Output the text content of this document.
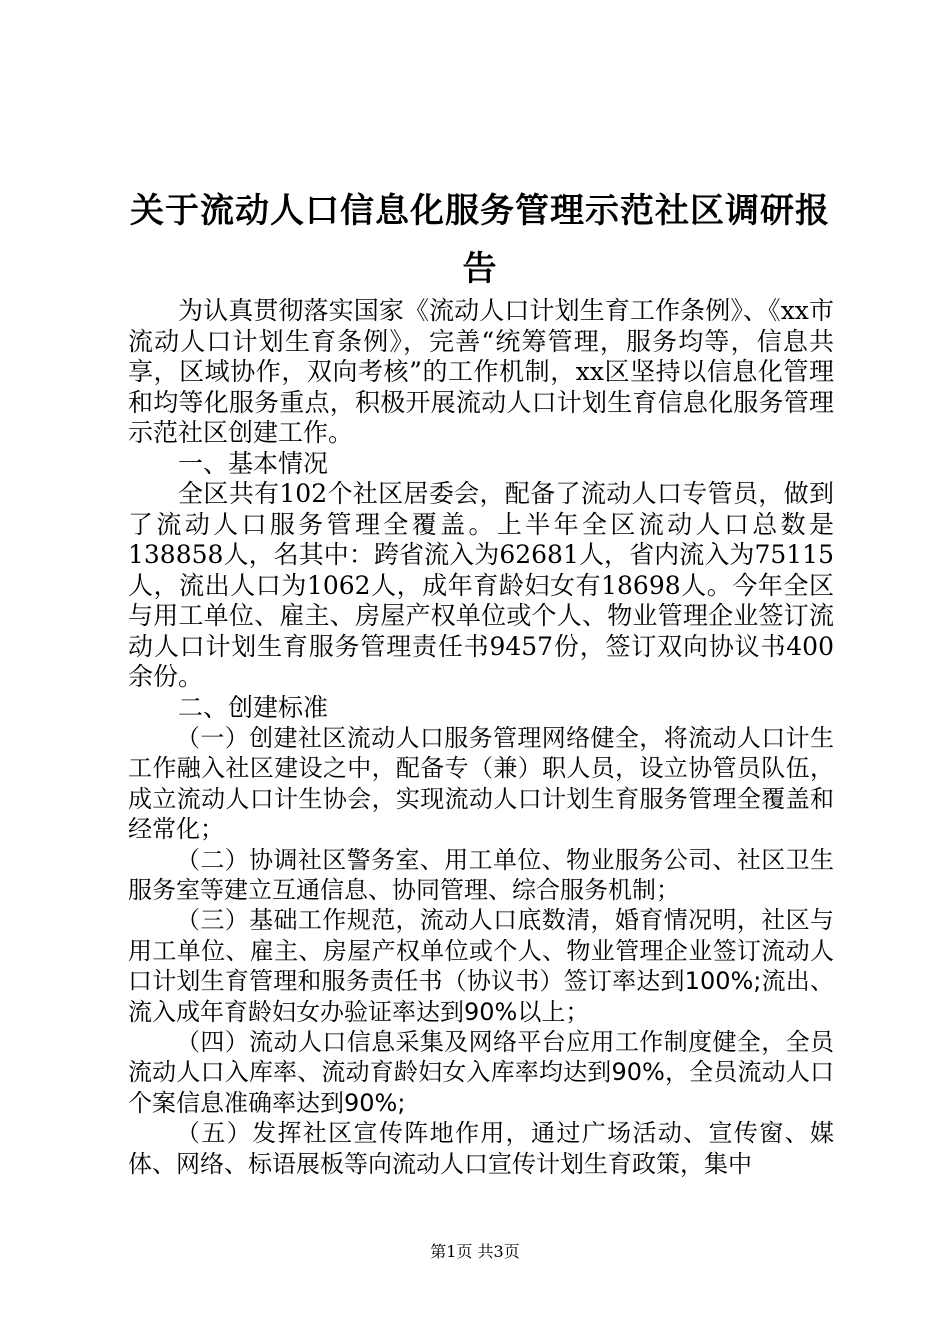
关于流动人口信息化服务管理示范社区调研报告

为认真贯彻落实国家《流动人口计划生育工作条例》、《xx市流动人口计划生育条例》，完善“统筹管理，服务均等，信息共享，区域协作，双向考核”的工作机制，xx区坚持以信息化管理和均等化服务重点，积极开展流动人口计划生育信息化服务管理示范社区创建工作。

一、基本情况

全区共有102个社区居委会，配备了流动人口专管员，做到了流动人口服务管理全覆盖。上半年全区流动人口总数是138858人，名其中：跨省流入为62681人，省内流入为75115人，流出人口为1062人，成年育龄妇女有18698人。今年全区与用工单位、雇主、房屋产权单位或个人、物业管理企业签订流动人口计划生育服务管理责任书9457份，签订双向协议书400余份。

二、创建标准

（一）创建社区流动人口服务管理网络健全，将流动人口计生工作融入社区建设之中，配备专（兼）职人员，设立协管员队伍，成立流动人口计生协会，实现流动人口计划生育服务管理全覆盖和经常化；

（二）协调社区警务室、用工单位、物业服务公司、社区卫生服务室等建立互通信息、协同管理、综合服务机制；

（三）基础工作规范，流动人口底数清，婚育情况明，社区与用工单位、雇主、房屋产权单位或个人、物业管理企业签订流动人口计划生育管理和服务责任书（协议书）签订率达到100%;流出、流入成年育龄妇女办验证率达到90%以上；

（四）流动人口信息采集及网络平台应用工作制度健全，全员流动人口入库率、流动育龄妇女入库率均达到90%，全员流动人口个案信息准确率达到90%;

（五）发挥社区宣传阵地作用，通过广场活动、宣传窗、媒体、网络、标语展板等向流动人口宣传计划生育政策，集中

第1页 共3页
